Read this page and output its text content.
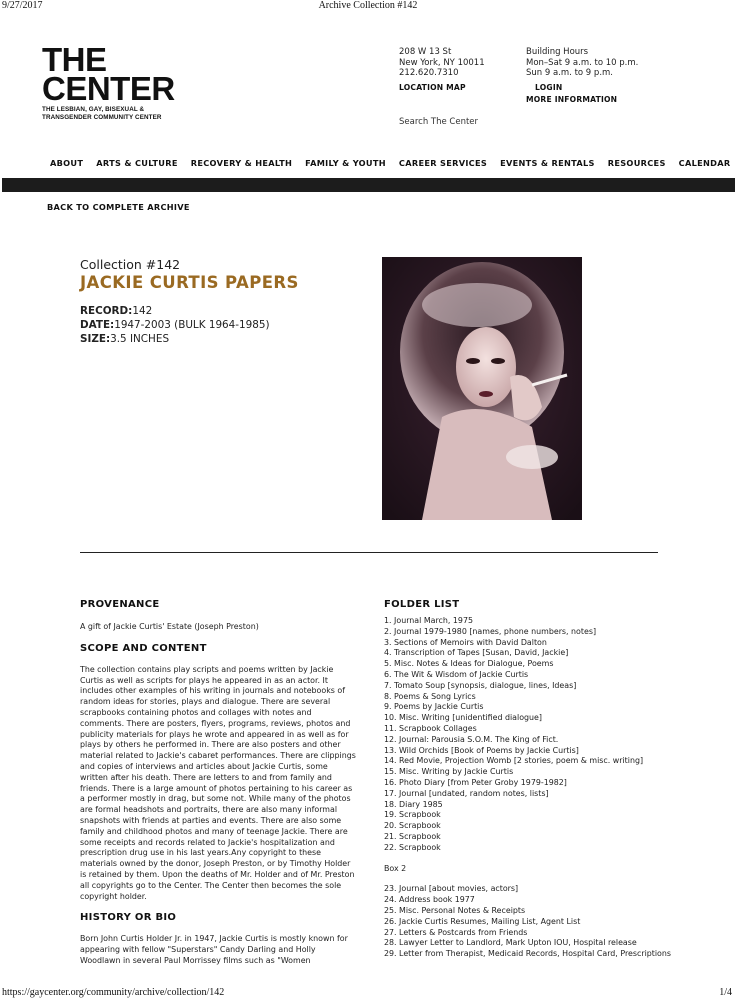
9/27/2017	Archive Collection #142
THE
CENTER
THE LESBIAN, GAY, BISEXUAL &
TRANSGENDER COMMUNITY CENTER
208 W 13 St
New York, NY 10011
212.620.7310
LOCATION MAP
Building Hours
Mon–Sat 9 a.m. to 10 p.m.
Sun 9 a.m. to 9 p.m.
LOGIN
MORE INFORMATION
Search The Center
ABOUT ARTS & CULTURE RECOVERY & HEALTH FAMILY & YOUTH CAREER SERVICES EVENTS & RENTALS RESOURCES CALENDAR
BACK TO COMPLETE ARCHIVE
Collection #142
JACKIE CURTIS PAPERS
RECORD:142
DATE:1947-2003 (BULK 1964-1985)
SIZE:3.5 INCHES
PROVENANCE

A gift of Jackie Curtis' Estate (Joseph Preston)

SCOPE AND CONTENT

The collection contains play scripts and poems written by Jackie Curtis as well as scripts for plays he appeared in as an actor. It includes other examples of his writing in journals and notebooks of random ideas for stories, plays and dialogue. There are several scrapbooks containing photos and collages with notes and comments. There are posters, flyers, programs, reviews, photos and publicity materials for plays he wrote and appeared in as well as for plays by others he performed in. There are also posters and other material related to Jackie's cabaret performances. There are clippings and copies of interviews and articles about Jackie Curtis, some written after his death. There are letters to and from family and friends. There is a large amount of photos pertaining to his career as a performer mostly in drag, but some not. While many of the photos are formal headshots and portraits, there are also many informal snapshots with friends at parties and events. There are also some family and childhood photos and many of teenage Jackie. There are some receipts and records related to Jackie's hospitalization and prescription drug use in his last years.Any copyright to these materials owned by the donor, Joseph Preston, or by Timothy Holder is retained by them. Upon the deaths of Mr. Holder and of Mr. Preston all copyrights go to the Center. The Center then becomes the sole copyright holder.

HISTORY OR BIO

Born John Curtis Holder Jr. in 1947, Jackie Curtis is mostly known for appearing with fellow "Superstars" Candy Darling and Holly Woodlawn in several Paul Morrissey films such as "Women

FOLDER LIST
1. Journal March, 1975
2. Journal 1979-1980 [names, phone numbers, notes]
3. Sections of Memoirs with David Dalton
4. Transcription of Tapes [Susan, David, Jackie]
5. Misc. Notes & Ideas for Dialogue, Poems
6. The Wit & Wisdom of Jackie Curtis
7. Tomato Soup [synopsis, dialogue, lines, Ideas]
8. Poems & Song Lyrics
9. Poems by Jackie Curtis
10. Misc. Writing [unidentified dialogue]
11. Scrapbook Collages
12. Journal: Parousia S.O.M. The King of Fict.
13. Wild Orchids [Book of Poems by Jackie Curtis]
14. Red Movie, Projection Womb [2 stories, poem & misc. writing]
15. Misc. Writing by Jackie Curtis
16. Photo Diary [from Peter Groby 1979-1982]
17. Journal [undated, random notes, lists]
18. Diary 1985
19. Scrapbook
20. Scrapbook
21. Scrapbook
22. Scrapbook
Box 2
23. Journal [about movies, actors]
24. Address book 1977
25. Misc. Personal Notes & Receipts
26. Jackie Curtis Resumes, Mailing List, Agent List
27. Letters & Postcards from Friends
28. Lawyer Letter to Landlord, Mark Upton IOU, Hospital release
29. Letter from Therapist, Medicaid Records, Hospital Card, Prescriptions
https://gaycenter.org/community/archive/collection/142	1/4
